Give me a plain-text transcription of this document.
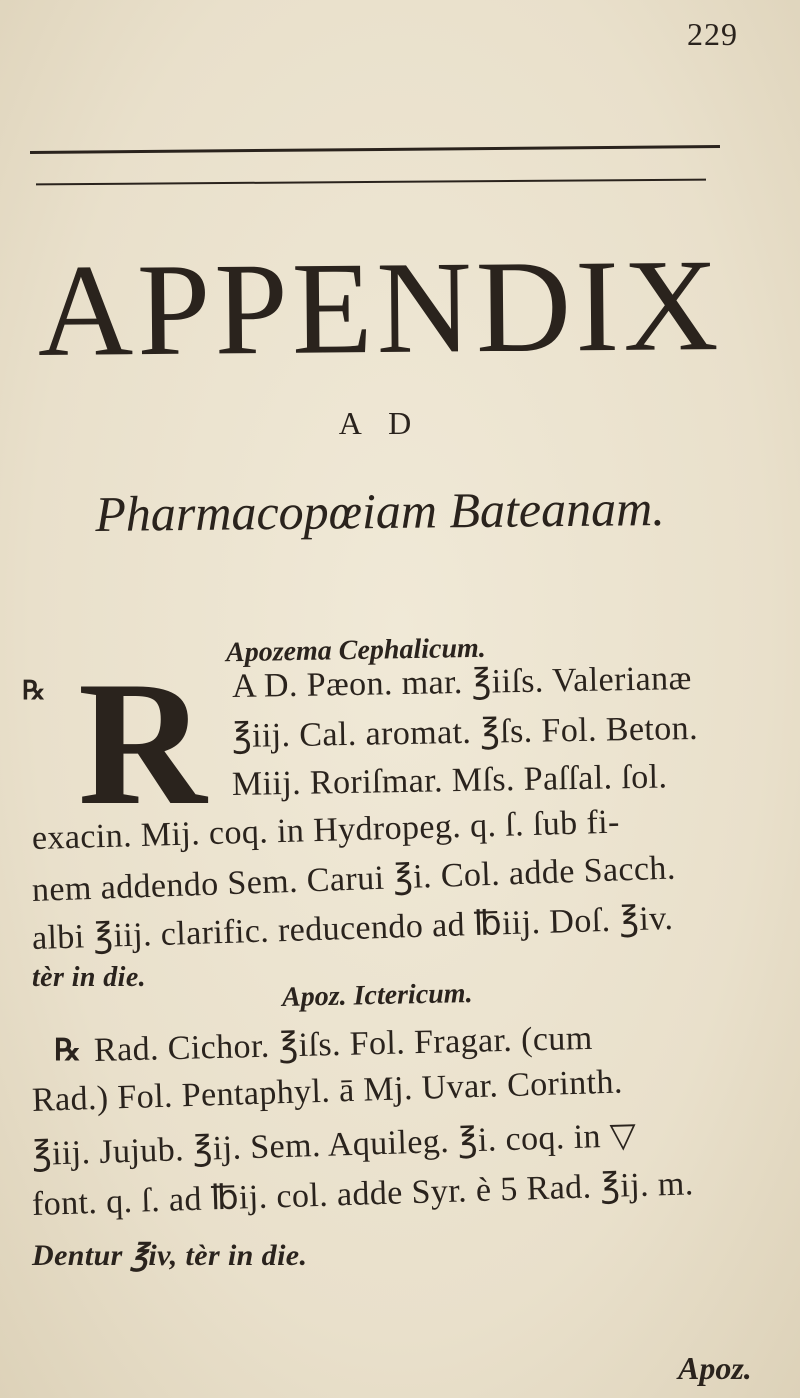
229
APPENDIX
A D
Pharmacopœiam Bateanam.
Apozema Cephalicum.
℞ R A D. Pæon. mar. ℥iiſs. Valerianæ
℥iij. Cal. aromat. ℥ſs. Fol. Beton.
Miij. Roriſmar. Mſs. Paſſal. ſol.
exacin. Mij. coq. in Hydropeg. q. ſ. ſub fi-
nem addendo Sem. Carui ℥i. Col. adde Sacch.
albi ℥iij. clarific. reducendo ad ℔iij. Doſ. ℥iv.
tèr in die.
Apoz. Ictericum.
℞ Rad. Cichor. ℥iſs. Fol. Fragar. (cum
Rad.) Fol. Pentaphyl. ā Mj. Uvar. Corinth.
℥iij. Jujub. ℥ij. Sem. Aquileg. ℥i. coq. in ▽
font. q. ſ. ad ℔ij. col. adde Syr. è 5 Rad. ℥ij. m.
Dentur ℥iv, tèr in die.
Apoz.
